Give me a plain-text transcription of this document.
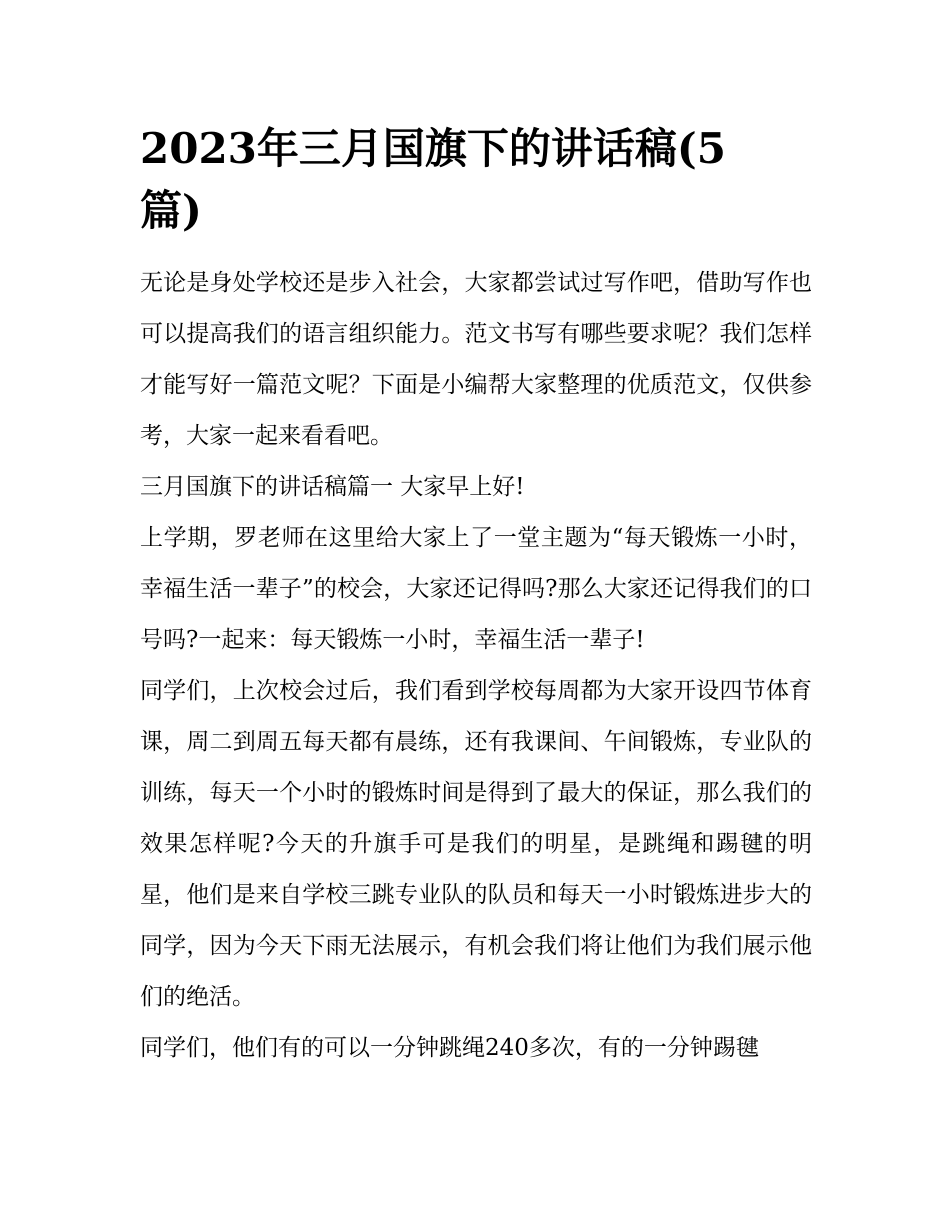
2023年三月国旗下的讲话稿(5
篇)

无论是身处学校还是步入社会，大家都尝试过写作吧，借助写作也可以提高我们的语言组织能力。范文书写有哪些要求呢？我们怎样才能写好一篇范文呢？下面是小编帮大家整理的优质范文，仅供参考，大家一起来看看吧。

三月国旗下的讲话稿篇一 大家早上好!

上学期，罗老师在这里给大家上了一堂主题为“每天锻炼一小时，幸福生活一辈子”的校会，大家还记得吗?那么大家还记得我们的口号吗?一起来：每天锻炼一小时，幸福生活一辈子!

同学们，上次校会过后，我们看到学校每周都为大家开设四节体育课，周二到周五每天都有晨练，还有我课间、午间锻炼，专业队的训练，每天一个小时的锻炼时间是得到了最大的保证，那么我们的效果怎样呢?今天的升旗手可是我们的明星，是跳绳和踢毽的明星，他们是来自学校三跳专业队的队员和每天一小时锻炼进步大的同学，因为今天下雨无法展示，有机会我们将让他们为我们展示他们的绝活。

同学们，他们有的可以一分钟跳绳240多次，有的一分钟踢毽
